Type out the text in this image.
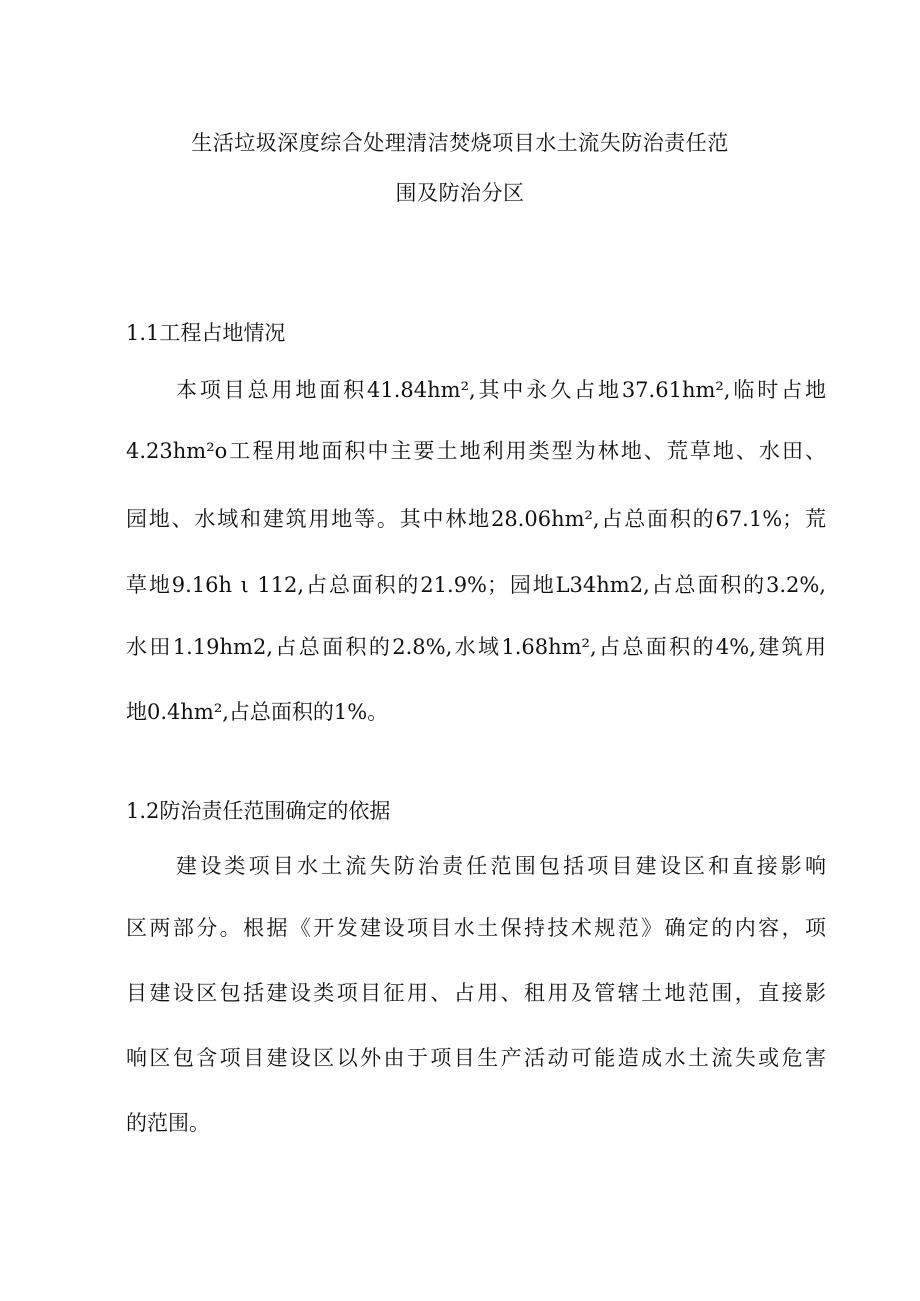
生活垃圾深度综合处理清洁焚烧项目水土流失防治责任范
围及防治分区
1.1工程占地情况
本项目总用地面积41.84hm²,其中永久占地37.61hm²,临时占地
4.23hm²o工程用地面积中主要土地利用类型为林地、荒草地、水田、
园地、水域和建筑用地等。其中林地28.06hm²,占总面积的67.1%；荒
草地9.16h ι 112,占总面积的21.9%；园地L34hm2,占总面积的3.2%,
水田1.19hm2,占总面积的2.8%,水域1.68hm²,占总面积的4%,建筑用
地0.4hm²,占总面积的1%。
1.2防治责任范围确定的依据
建设类项目水土流失防治责任范围包括项目建设区和直接影响
区两部分。根据《开发建设项目水土保持技术规范》确定的内容，项
目建设区包括建设类项目征用、占用、租用及管辖土地范围，直接影
响区包含项目建设区以外由于项目生产活动可能造成水土流失或危害
的范围。
